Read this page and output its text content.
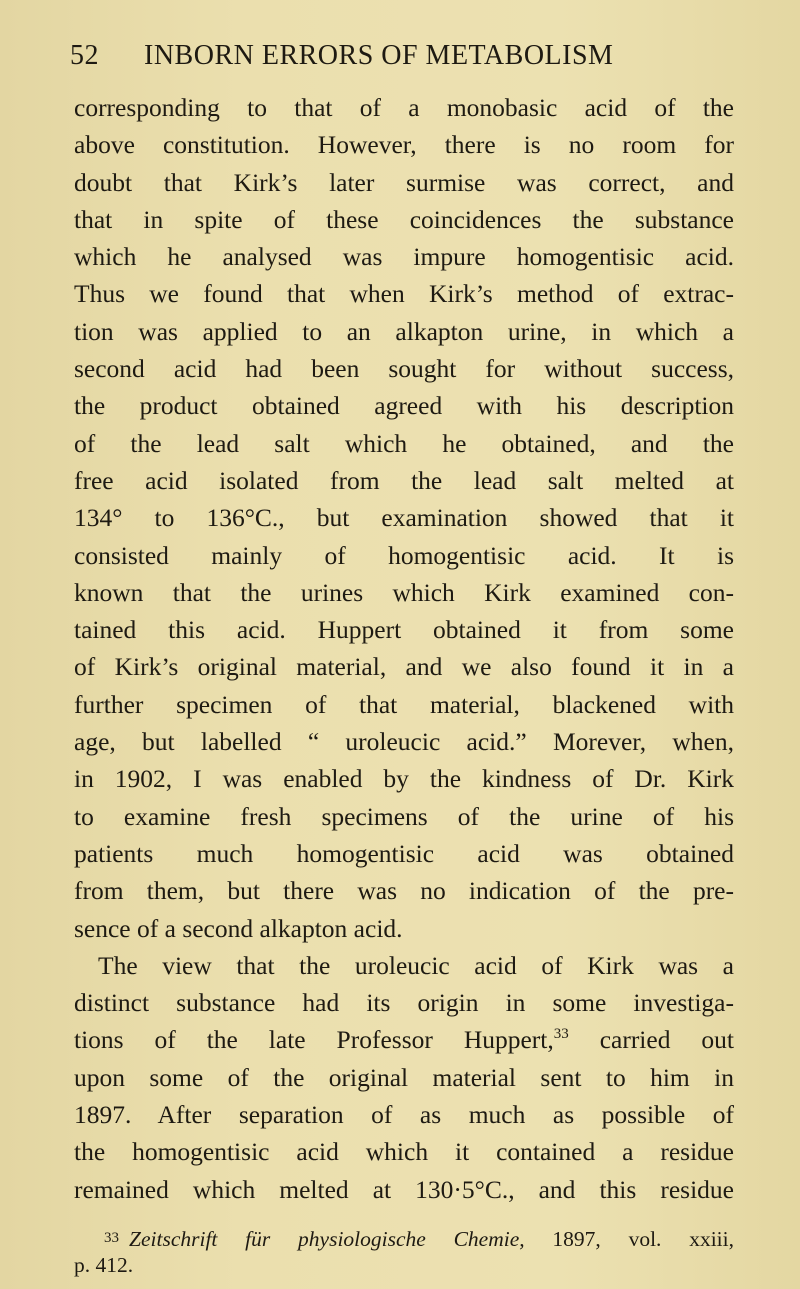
52 INBORN ERRORS OF METABOLISM
corresponding to that of a monobasic acid of the
above constitution. However, there is no room for
doubt that Kirk’s later surmise was correct, and
that in spite of these coincidences the substance
which he analysed was impure homogentisic acid.
Thus we found that when Kirk’s method of extrac-
tion was applied to an alkapton urine, in which a
second acid had been sought for without success,
the product obtained agreed with his description
of the lead salt which he obtained, and the
free acid isolated from the lead salt melted at
134° to 136°C., but examination showed that it
consisted mainly of homogentisic acid. It is
known that the urines which Kirk examined con-
tained this acid. Huppert obtained it from some
of Kirk’s original material, and we also found it in a
further specimen of that material, blackened with
age, but labelled “ uroleucic acid.” Morever, when,
in 1902, I was enabled by the kindness of Dr. Kirk
to examine fresh specimens of the urine of his
patients much homogentisic acid was obtained
from them, but there was no indication of the pre-
sence of a second alkapton acid.
The view that the uroleucic acid of Kirk was a
distinct substance had its origin in some investiga-
tions of the late Professor Huppert,$^{33}$ carried out
upon some of the original material sent to him in
1897. After separation of as much as possible of
the homogentisic acid which it contained a residue
remained which melted at 130·5°C., and this residue
33 Zeitschrift für physiologische Chemie, 1897, vol. xxiii,
p. 412.
